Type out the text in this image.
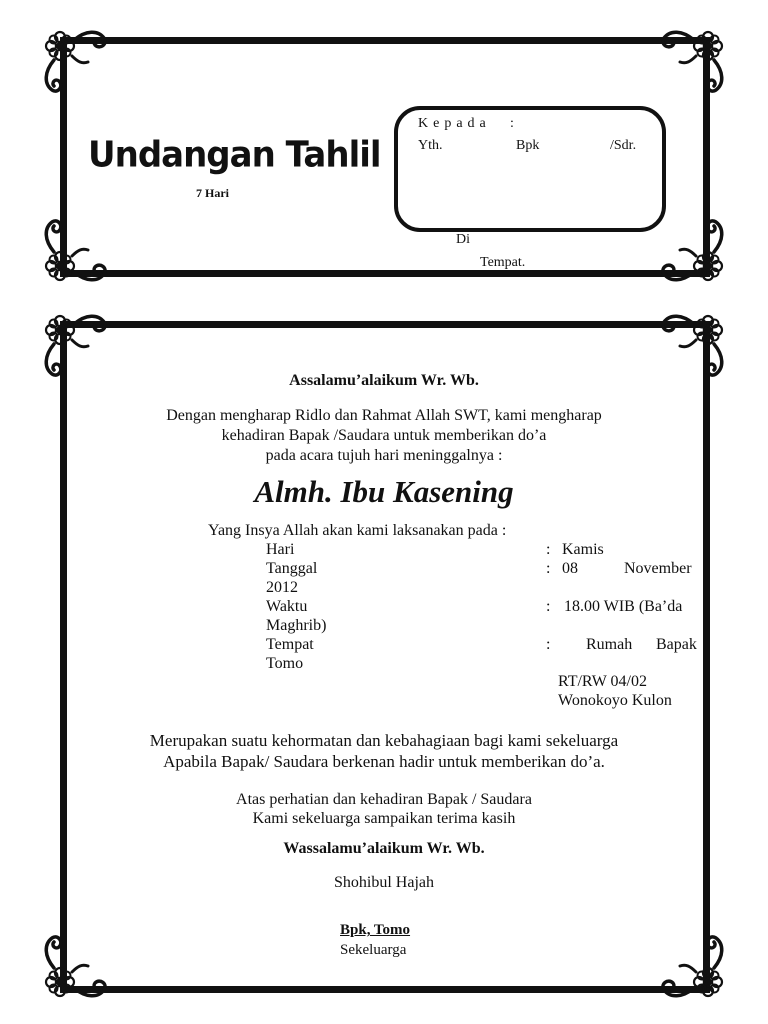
Undangan Tahlil
7 Hari
Kepada :
Yth.	Bpk	/Sdr.
Di
Tempat.
Assalamu’alaikum Wr. Wb.
Dengan mengharap Ridlo dan Rahmat Allah SWT, kami mengharap
kehadiran Bapak /Saudara untuk memberikan do’a
pada acara tujuh hari meninggalnya :
Almh. Ibu Kasening
Yang Insya Allah akan kami laksanakan pada :
Hari	: Kamis
Tanggal	: 08	November
2012
Waktu	: 18.00 WIB (Ba’da
Maghrib)
Tempat	: Rumah Bapak
Tomo
RT/RW 04/02
Wonokoyo Kulon
Merupakan suatu kehormatan dan kebahagiaan bagi kami sekeluarga
Apabila Bapak/ Saudara berkenan hadir untuk memberikan do’a.
Atas perhatian dan kehadiran Bapak / Saudara
Kami sekeluarga sampaikan terima kasih
Wassalamu’alaikum Wr. Wb.
Shohibul Hajah
Bpk, Tomo
Sekeluarga
